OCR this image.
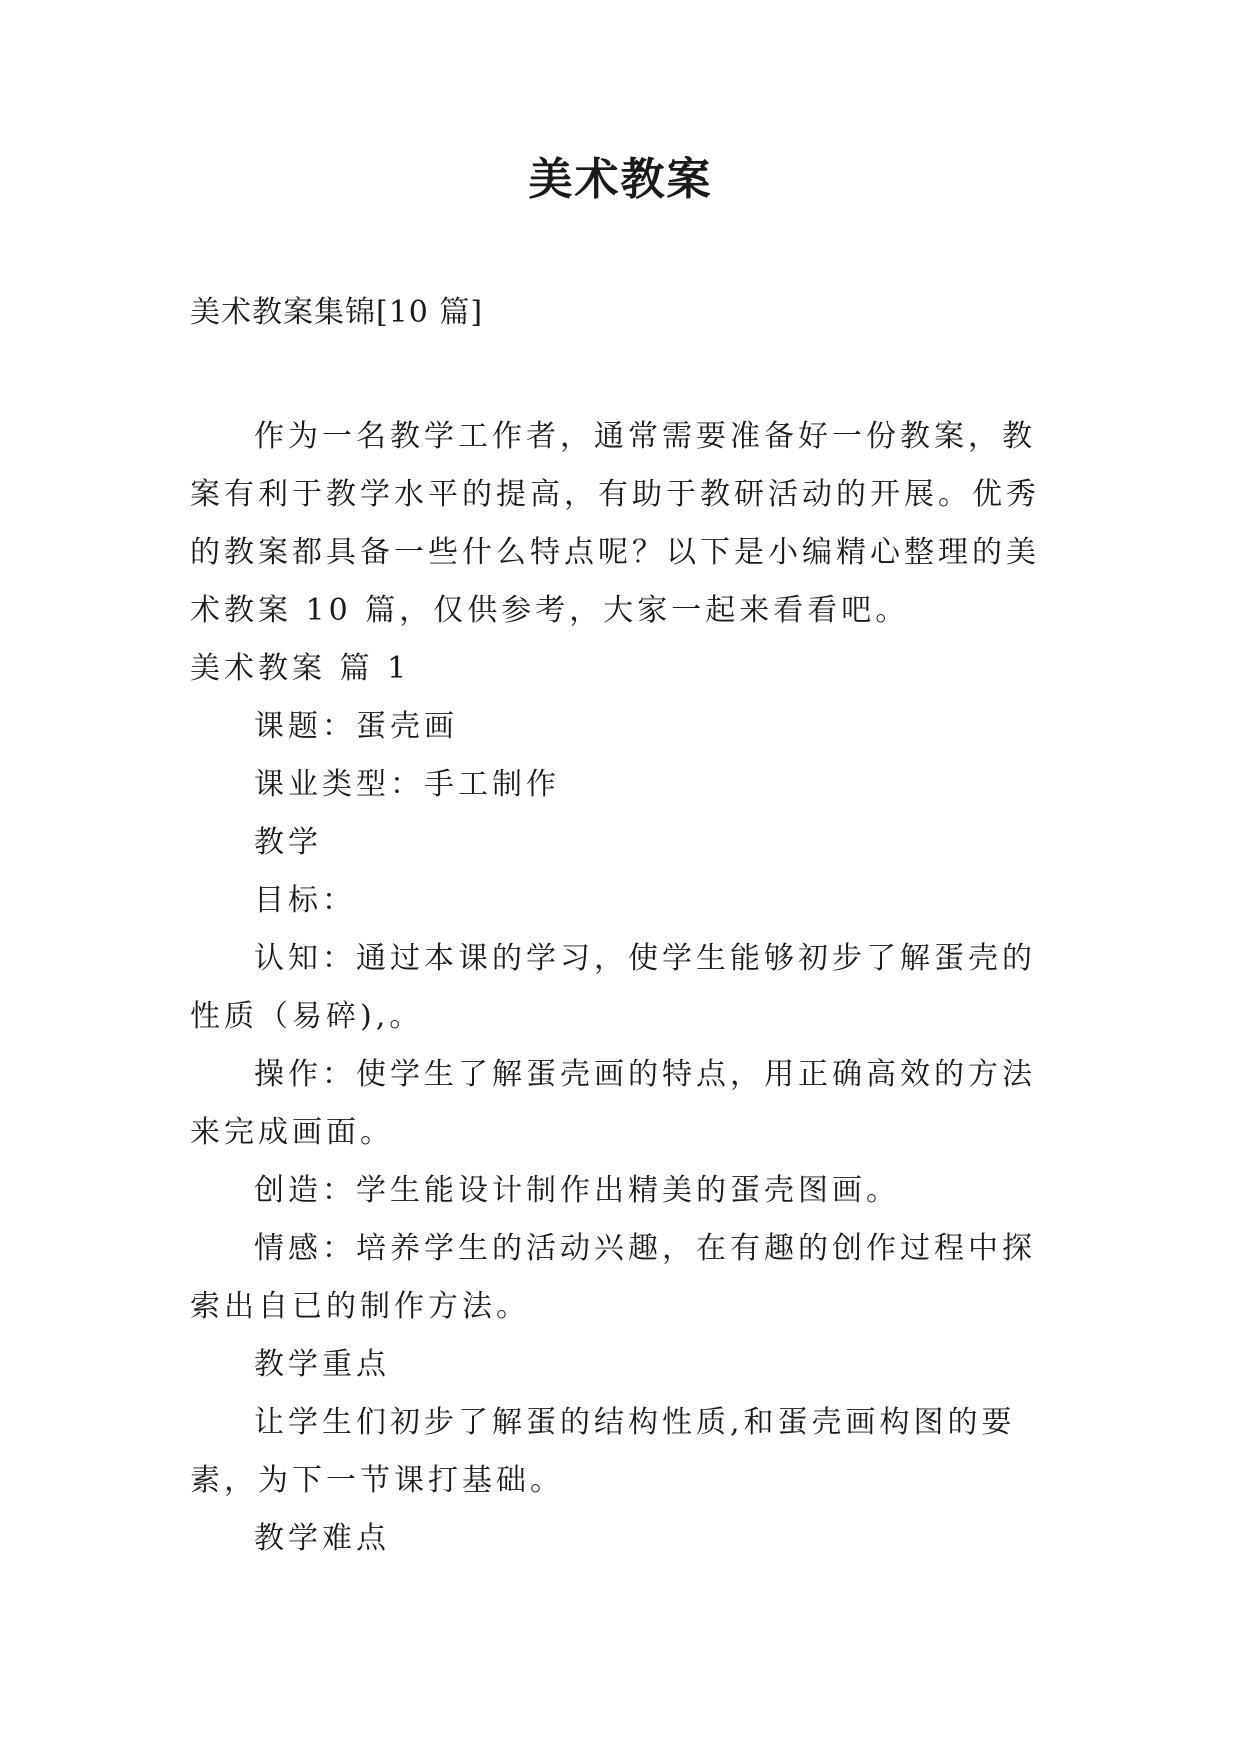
美术教案
美术教案集锦[10 篇]

作为一名教学工作者，通常需要准备好一份教案，教案有利于教学水平的提高，有助于教研活动的开展。优秀的教案都具备一些什么特点呢？以下是小编精心整理的美术教案 10 篇，仅供参考，大家一起来看看吧。

美术教案 篇 1

课题：蛋壳画

课业类型：手工制作

教学

目标：

认知：通过本课的学习，使学生能够初步了解蛋壳的性质（易碎),。

操作：使学生了解蛋壳画的特点，用正确高效的方法来完成画面。

创造：学生能设计制作出精美的蛋壳图画。

情感：培养学生的活动兴趣，在有趣的创作过程中探索出自已的制作方法。

教学重点

让学生们初步了解蛋的结构性质,和蛋壳画构图的要素，为下一节课打基础。

教学难点
